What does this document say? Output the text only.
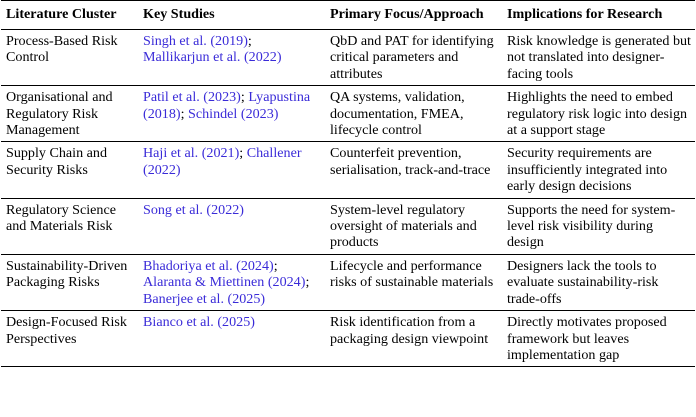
Literature Cluster	Key Studies	Primary Focus/Approach	Implications for Research
Process-Based Risk Control	Singh et al. (2019); Mallikarjun et al. (2022)	QbD and PAT for identifying critical parameters and attributes	Risk knowledge is generated but not translated into designer-facing tools
Organisational and Regulatory Risk Management	Patil et al. (2023); Lyapustina (2018); Schindel (2023)	QA systems, validation, documentation, FMEA, lifecycle control	Highlights the need to embed regulatory risk logic into design at a support stage
Supply Chain and Security Risks	Haji et al. (2021); Challener (2022)	Counterfeit prevention, serialisation, track-and-trace	Security requirements are insufficiently integrated into early design decisions
Regulatory Science and Materials Risk	Song et al. (2022)	System-level regulatory oversight of materials and products	Supports the need for system-level risk visibility during design
Sustainability-Driven Packaging Risks	Bhadoriya et al. (2024); Alaranta & Miettinen (2024); Banerjee et al. (2025)	Lifecycle and performance risks of sustainable materials	Designers lack the tools to evaluate sustainability-risk trade-offs
Design-Focused Risk Perspectives	Bianco et al. (2025)	Risk identification from a packaging design viewpoint	Directly motivates proposed framework but leaves implementation gap
